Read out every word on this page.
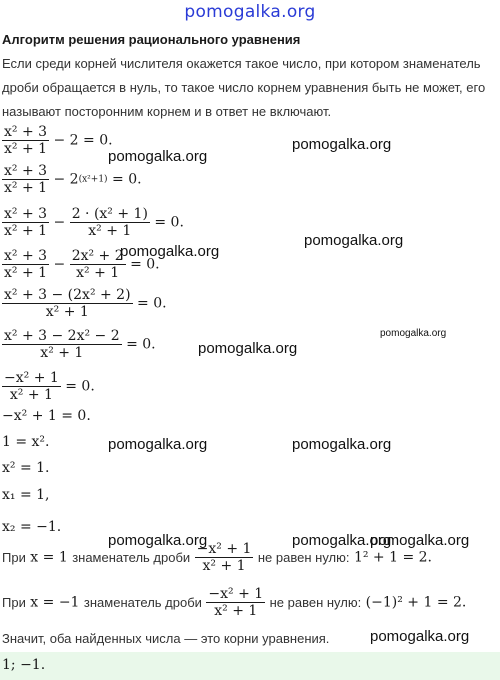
pomogalka.org
Алгоритм решения рационального уравнения
Если среди корней числителя окажется такое число, при котором знаменатель дроби обращается в нуль, то такое число корнем уравнения быть не может, его называют посторонним корнем и в ответ не включают.
$\frac{\text{x² + 3}}{\text{x² + 1}} - 2 = 0$.
$\frac{\text{x² + 3}}{\text{x² + 1}} - 2(x^2+1) = 0$.
$\frac{\text{x² + 3}}{\text{x² + 1}} - \frac{\text{2 · (x² + 1)}}{\text{x² + 1}} = 0$.
$\frac{\text{x² + 3}}{\text{x² + 1}} - \frac{\text{2x² + 2}}{\text{x² + 1}} = 0$.
$\frac{\text{x² + 3 − (2x² + 2)}}{\text{x² + 1}} = 0$.
$\frac{\text{x² + 3 − 2x² − 2}}{\text{x² + 1}} = 0$.
$\frac{\text{−x² + 1}}{\text{x² + 1}} = 0$.
−x² + 1 = 0.
1 = x².
x² = 1.
x₁ = 1,
x₂ = −1.
При x = 1 знаменатель дроби $\frac{\text{−x² + 1}}{\text{x² + 1}}$ не равен нулю: 1² + 1 = 2.
При x = −1 знаменатель дроби $\frac{\text{−x² + 1}}{\text{x² + 1}}$ не равен нулю: (−1)² + 1 = 2.
Значит, оба найденных числа — это корни уравнения.
1; −1.
pomogalka.org
pomogalka.org
pomogalka.org
pomogalka.org
pomogalka.org
pomogalka.org
pomogalka.org	pomogalka.org
pomogalka.org	pomogalka.org
pomogalka.org
pomogalka.org
